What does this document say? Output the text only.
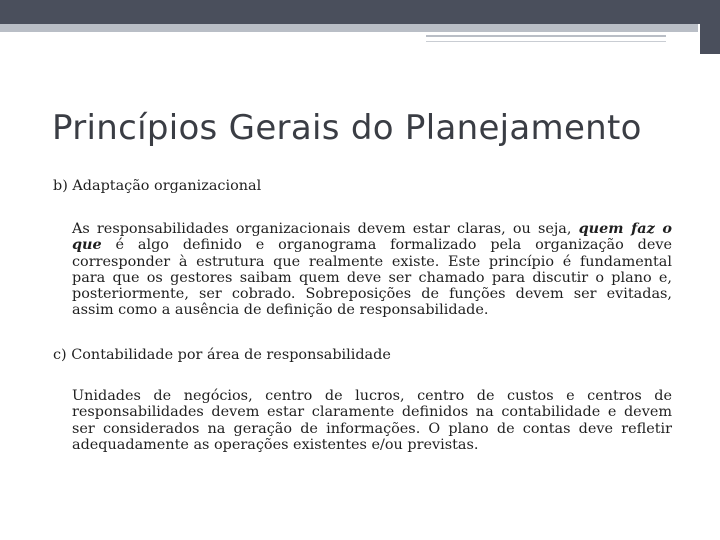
Princípios Gerais do Planejamento
b) Adaptação organizacional

As responsabilidades organizacionais devem estar claras, ou seja, quem faz o que é algo definido e organograma formalizado pela organização deve corresponder à estrutura que realmente existe. Este princípio é fundamental para que os gestores saibam quem deve ser chamado para discutir o plano e, posteriormente, ser cobrado. Sobreposições de funções devem ser evitadas, assim como a ausência de definição de responsabilidade.

c) Contabilidade por área de responsabilidade

Unidades de negócios, centro de lucros, centro de custos e centros de responsabilidades devem estar claramente definidos na contabilidade e devem ser considerados na geração de informações. O plano de contas deve refletir adequadamente as operações existentes e/ou previstas.
